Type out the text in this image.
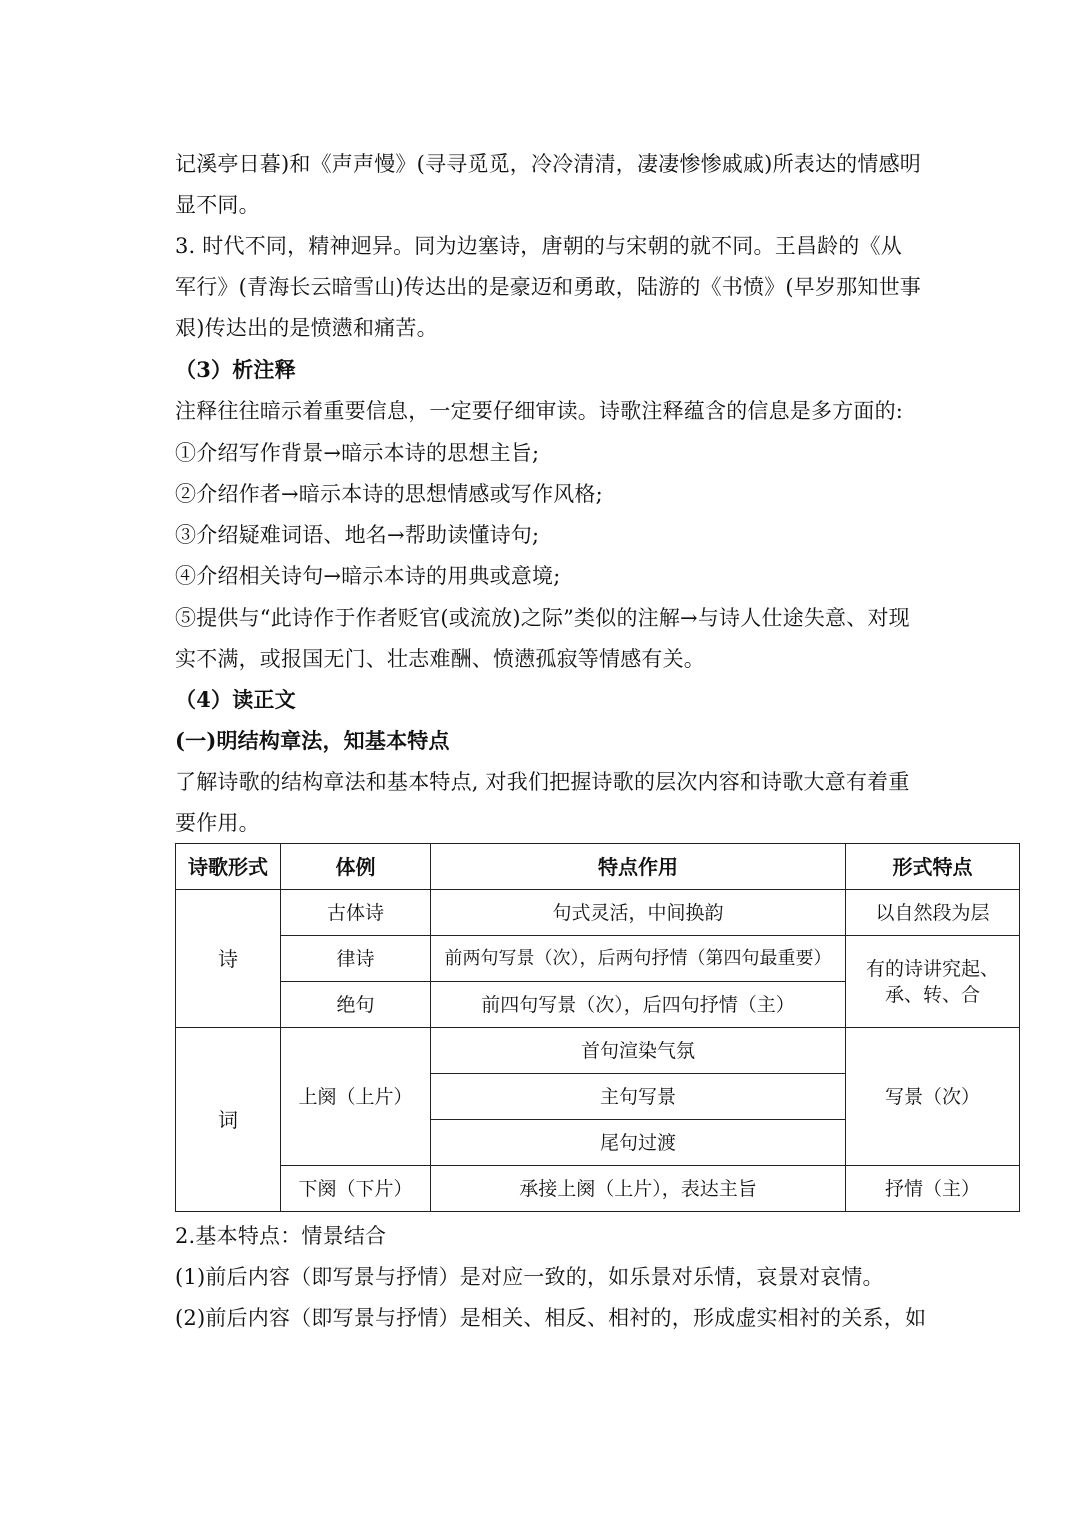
记溪亭日暮)和《声声慢》(寻寻觅觅，冷冷清清，凄凄惨惨戚戚)所表达的情感明
显不同。
3. 时代不同，精神迥异。同为边塞诗，唐朝的与宋朝的就不同。王昌龄的《从
军行》(青海长云暗雪山)传达出的是豪迈和勇敢，陆游的《书愤》(早岁那知世事
艰)传达出的是愤懑和痛苦。
（3）析注释
注释往往暗示着重要信息，一定要仔细审读。诗歌注释蕴含的信息是多方面的:
①介绍写作背景→暗示本诗的思想主旨;
②介绍作者→暗示本诗的思想情感或写作风格;
③介绍疑难词语、地名→帮助读懂诗句;
④介绍相关诗句→暗示本诗的用典或意境;
⑤提供与“此诗作于作者贬官(或流放)之际”类似的注解→与诗人仕途失意、对现
实不满，或报国无门、壮志难酬、愤懑孤寂等情感有关。
（4）读正文
(一)明结构章法，知基本特点
了解诗歌的结构章法和基本特点, 对我们把握诗歌的层次内容和诗歌大意有着重
要作用。
诗歌形式	体例	特点作用	形式特点
诗	古体诗	句式灵活，中间换韵	以自然段为层
	律诗	前两句写景（次），后两句抒情（第四句最重要）	有的诗讲究起、承、转、合
	绝句	前四句写景（次），后四句抒情（主）	
词	上阕（上片）	首句渲染气氛	写景（次）
		主句写景	
		尾句过渡	
	下阕（下片）	承接上阕（上片），表达主旨	抒情（主）
2.基本特点：情景结合
(1)前后内容（即写景与抒情）是对应一致的，如乐景对乐情，哀景对哀情。
(2)前后内容（即写景与抒情）是相关、相反、相衬的，形成虚实相衬的关系，如
